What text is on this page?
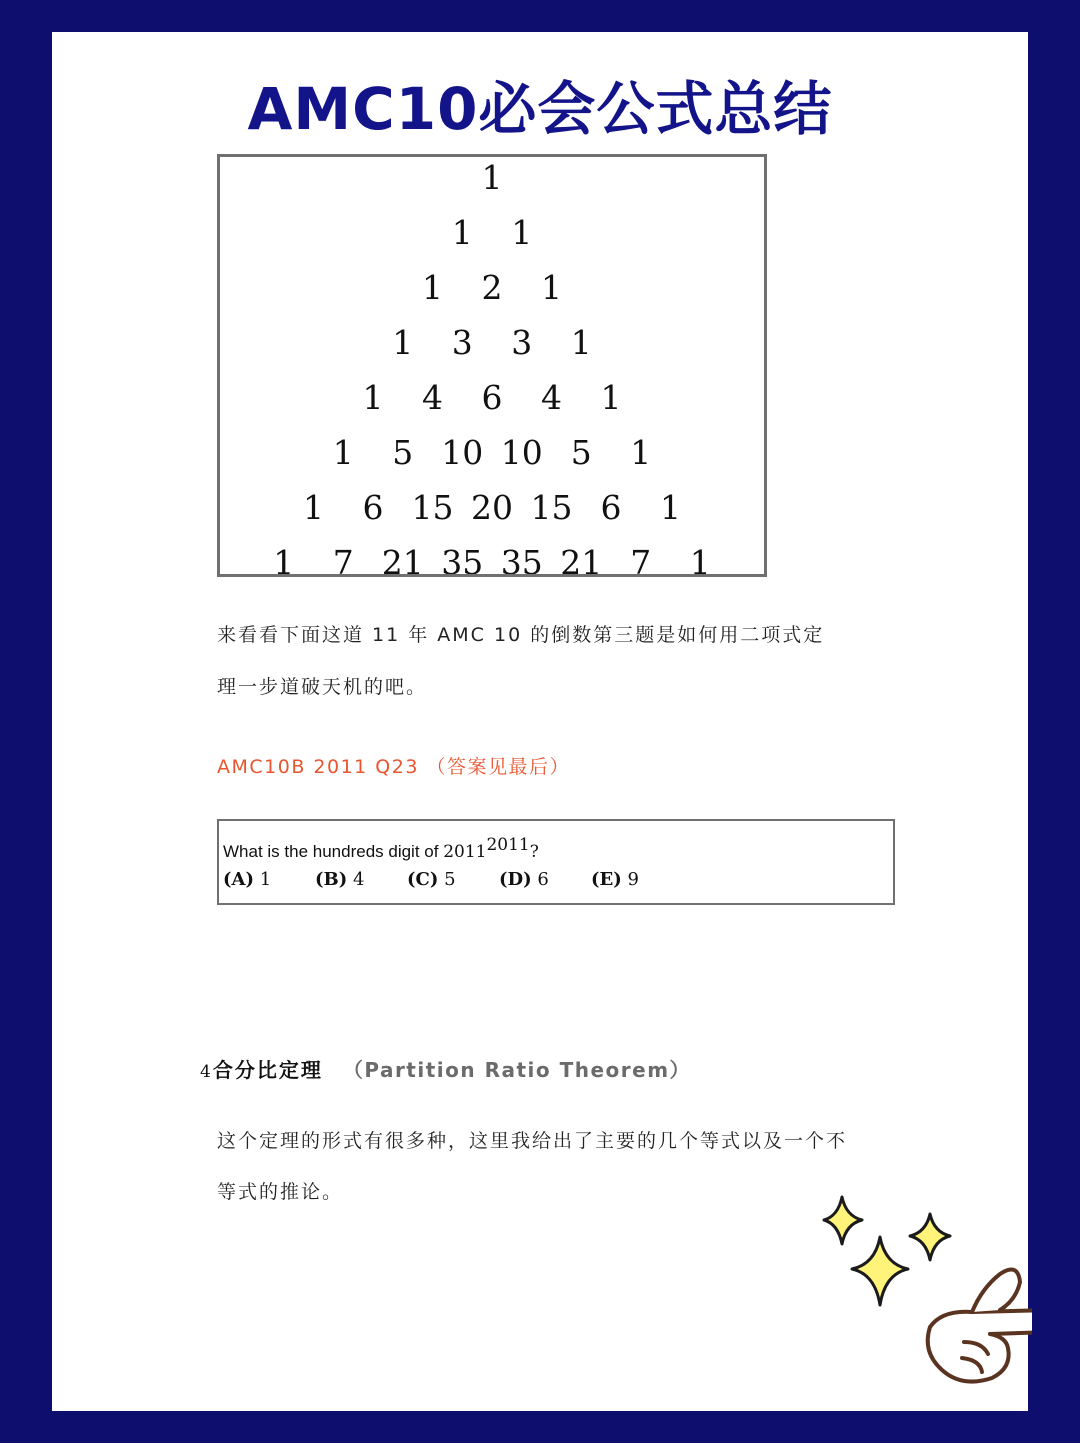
AMC10必会公式总结
1
1 1
1 2 1
1 3 3 1
1 4 6 4 1
1 5 10 10 5 1
1 6 15 20 15 6 1
1 7 21 35 35 21 7 1
来看看下面这道 11 年 AMC 10 的倒数第三题是如何用二项式定
理一步道破天机的吧。
AMC10B 2011 Q23 （答案见最后）
What is the hundreds digit of $2011^{2011}$?
(A) 1 (B) 4 (C) 5 (D) 6 (E) 9
4 合分比定理 （Partition Ratio Theorem）
这个定理的形式有很多种，这里我给出了主要的几个等式以及一个不
等式的推论。
